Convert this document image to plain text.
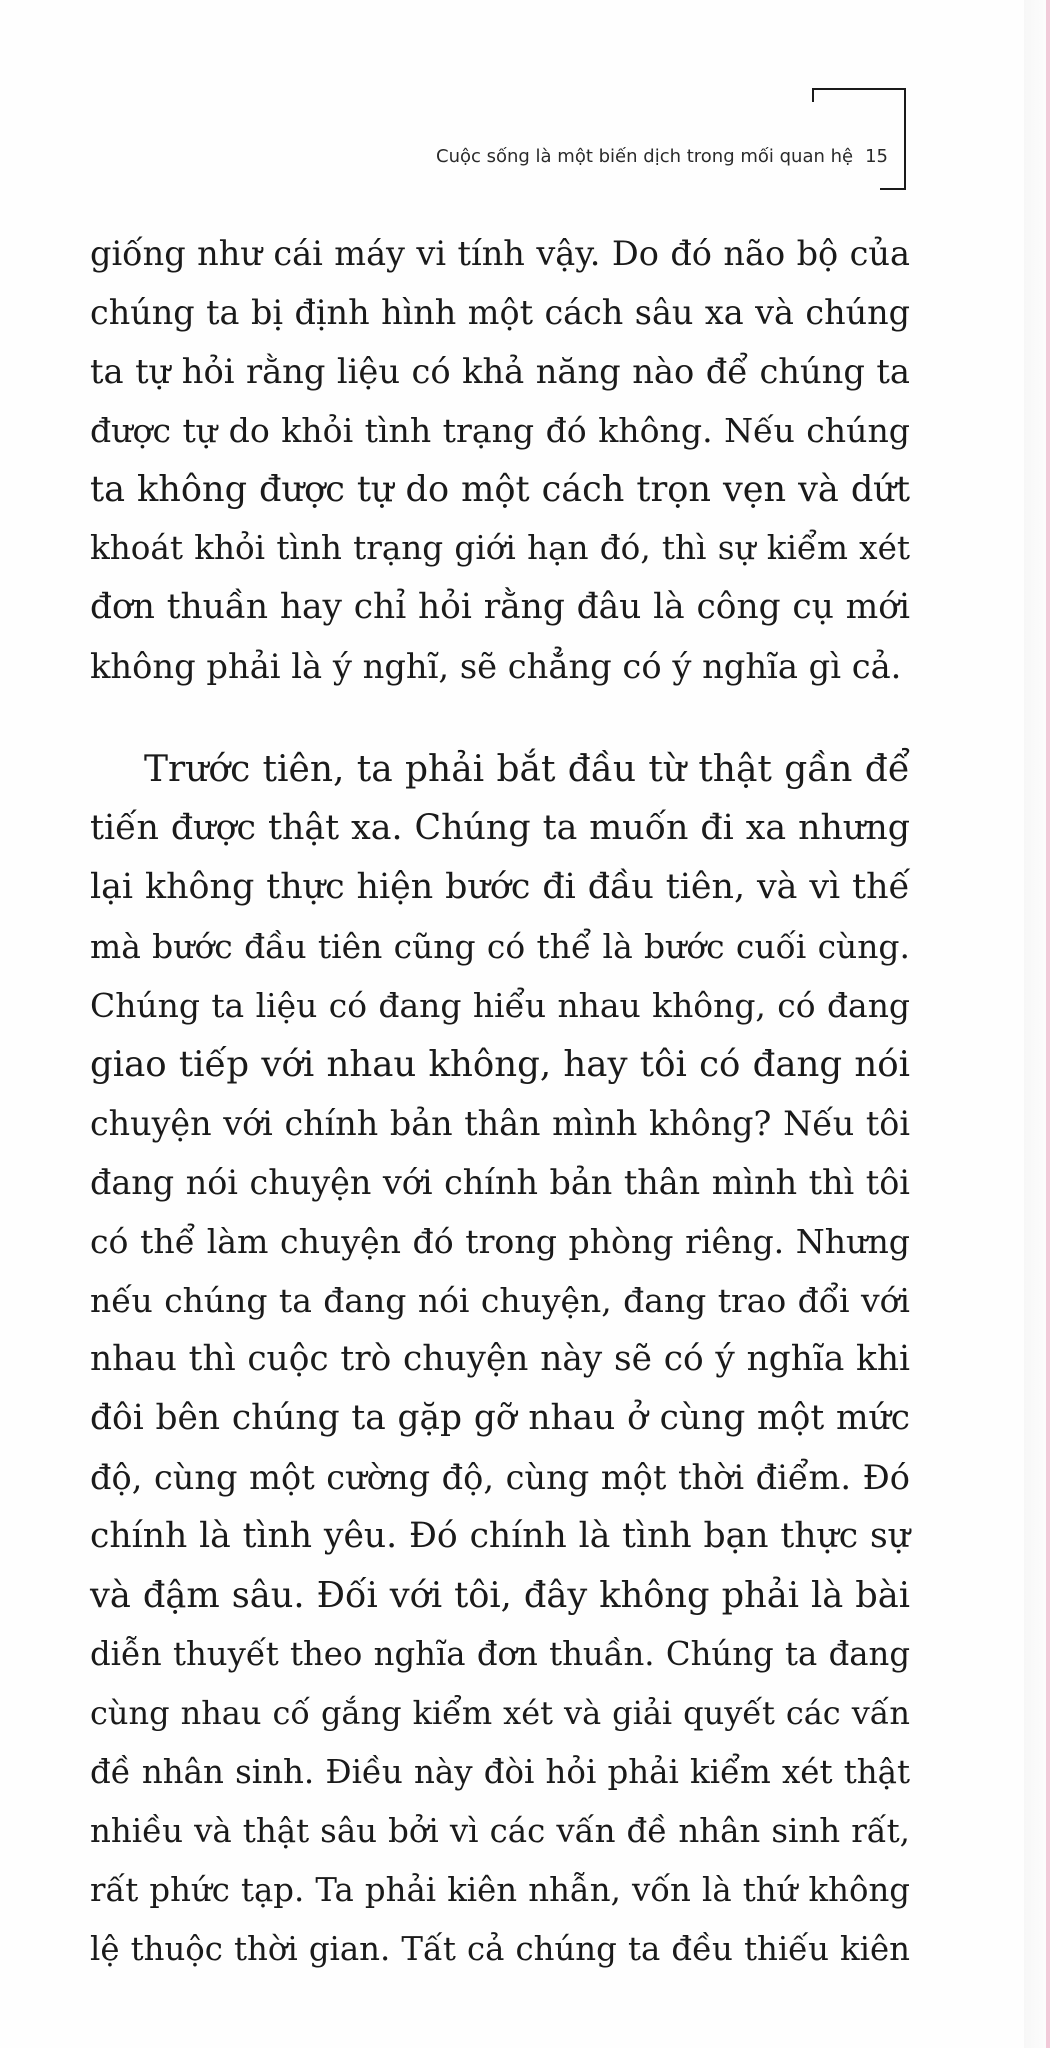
Cuộc sống là một biến dịch trong mối quan hệ 15
giống như cái máy vi tính vậy. Do đó não bộ của
chúng ta bị định hình một cách sâu xa và chúng
ta tự hỏi rằng liệu có khả năng nào để chúng ta
được tự do khỏi tình trạng đó không. Nếu chúng
ta không được tự do một cách trọn vẹn và dứt
khoát khỏi tình trạng giới hạn đó, thì sự kiểm xét
đơn thuần hay chỉ hỏi rằng đâu là công cụ mới
không phải là ý nghĩ, sẽ chẳng có ý nghĩa gì cả.
Trước tiên, ta phải bắt đầu từ thật gần để
tiến được thật xa. Chúng ta muốn đi xa nhưng
lại không thực hiện bước đi đầu tiên, và vì thế
mà bước đầu tiên cũng có thể là bước cuối cùng.
Chúng ta liệu có đang hiểu nhau không, có đang
giao tiếp với nhau không, hay tôi có đang nói
chuyện với chính bản thân mình không? Nếu tôi
đang nói chuyện với chính bản thân mình thì tôi
có thể làm chuyện đó trong phòng riêng. Nhưng
nếu chúng ta đang nói chuyện, đang trao đổi với
nhau thì cuộc trò chuyện này sẽ có ý nghĩa khi
đôi bên chúng ta gặp gỡ nhau ở cùng một mức
độ, cùng một cường độ, cùng một thời điểm. Đó
chính là tình yêu. Đó chính là tình bạn thực sự
và đậm sâu. Đối với tôi, đây không phải là bài
diễn thuyết theo nghĩa đơn thuần. Chúng ta đang
cùng nhau cố gắng kiểm xét và giải quyết các vấn
đề nhân sinh. Điều này đòi hỏi phải kiểm xét thật
nhiều và thật sâu bởi vì các vấn đề nhân sinh rất,
rất phức tạp. Ta phải kiên nhẫn, vốn là thứ không
lệ thuộc thời gian. Tất cả chúng ta đều thiếu kiên
